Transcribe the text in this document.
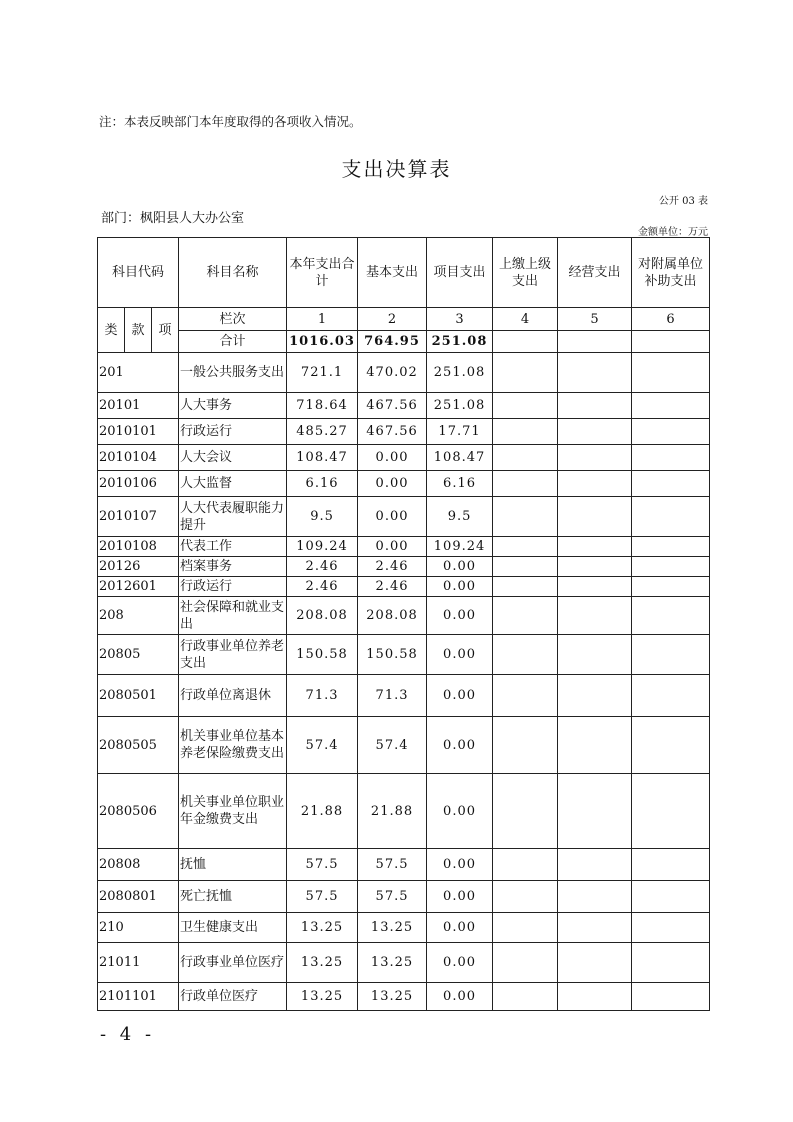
注：本表反映部门本年度取得的各项收入情况。
支出决算表
公开 03 表
部门：枫阳县人大办公室
金额单位：万元
科目代码			科目名称	本年支出合计	基本支出	项目支出	上缴上级支出	经营支出	对附属单位补助支出
类	款	项	栏次	1	2	3	4	5	6
			合计	1016.03	764.95	251.08			
201			一般公共服务支出	721.1	470.02	251.08			
20101			人大事务	718.64	467.56	251.08			
2010101			行政运行	485.27	467.56	17.71			
2010104			人大会议	108.47	0.00	108.47			
2010106			人大监督	6.16	0.00	6.16			
2010107			人大代表履职能力提升	9.5	0.00	9.5			
2010108			代表工作	109.24	0.00	109.24			
20126			档案事务	2.46	2.46	0.00			
2012601			行政运行	2.46	2.46	0.00			
208			社会保障和就业支出	208.08	208.08	0.00			
20805			行政事业单位养老支出	150.58	150.58	0.00			
2080501			行政单位离退休	71.3	71.3	0.00			
2080505			机关事业单位基本养老保险缴费支出	57.4	57.4	0.00			
2080506			机关事业单位职业年金缴费支出	21.88	21.88	0.00			
20808			抚恤	57.5	57.5	0.00			
2080801			死亡抚恤	57.5	57.5	0.00			
210			卫生健康支出	13.25	13.25	0.00			
21011			行政事业单位医疗	13.25	13.25	0.00			
2101101			行政单位医疗	13.25	13.25	0.00			
- 4 -
